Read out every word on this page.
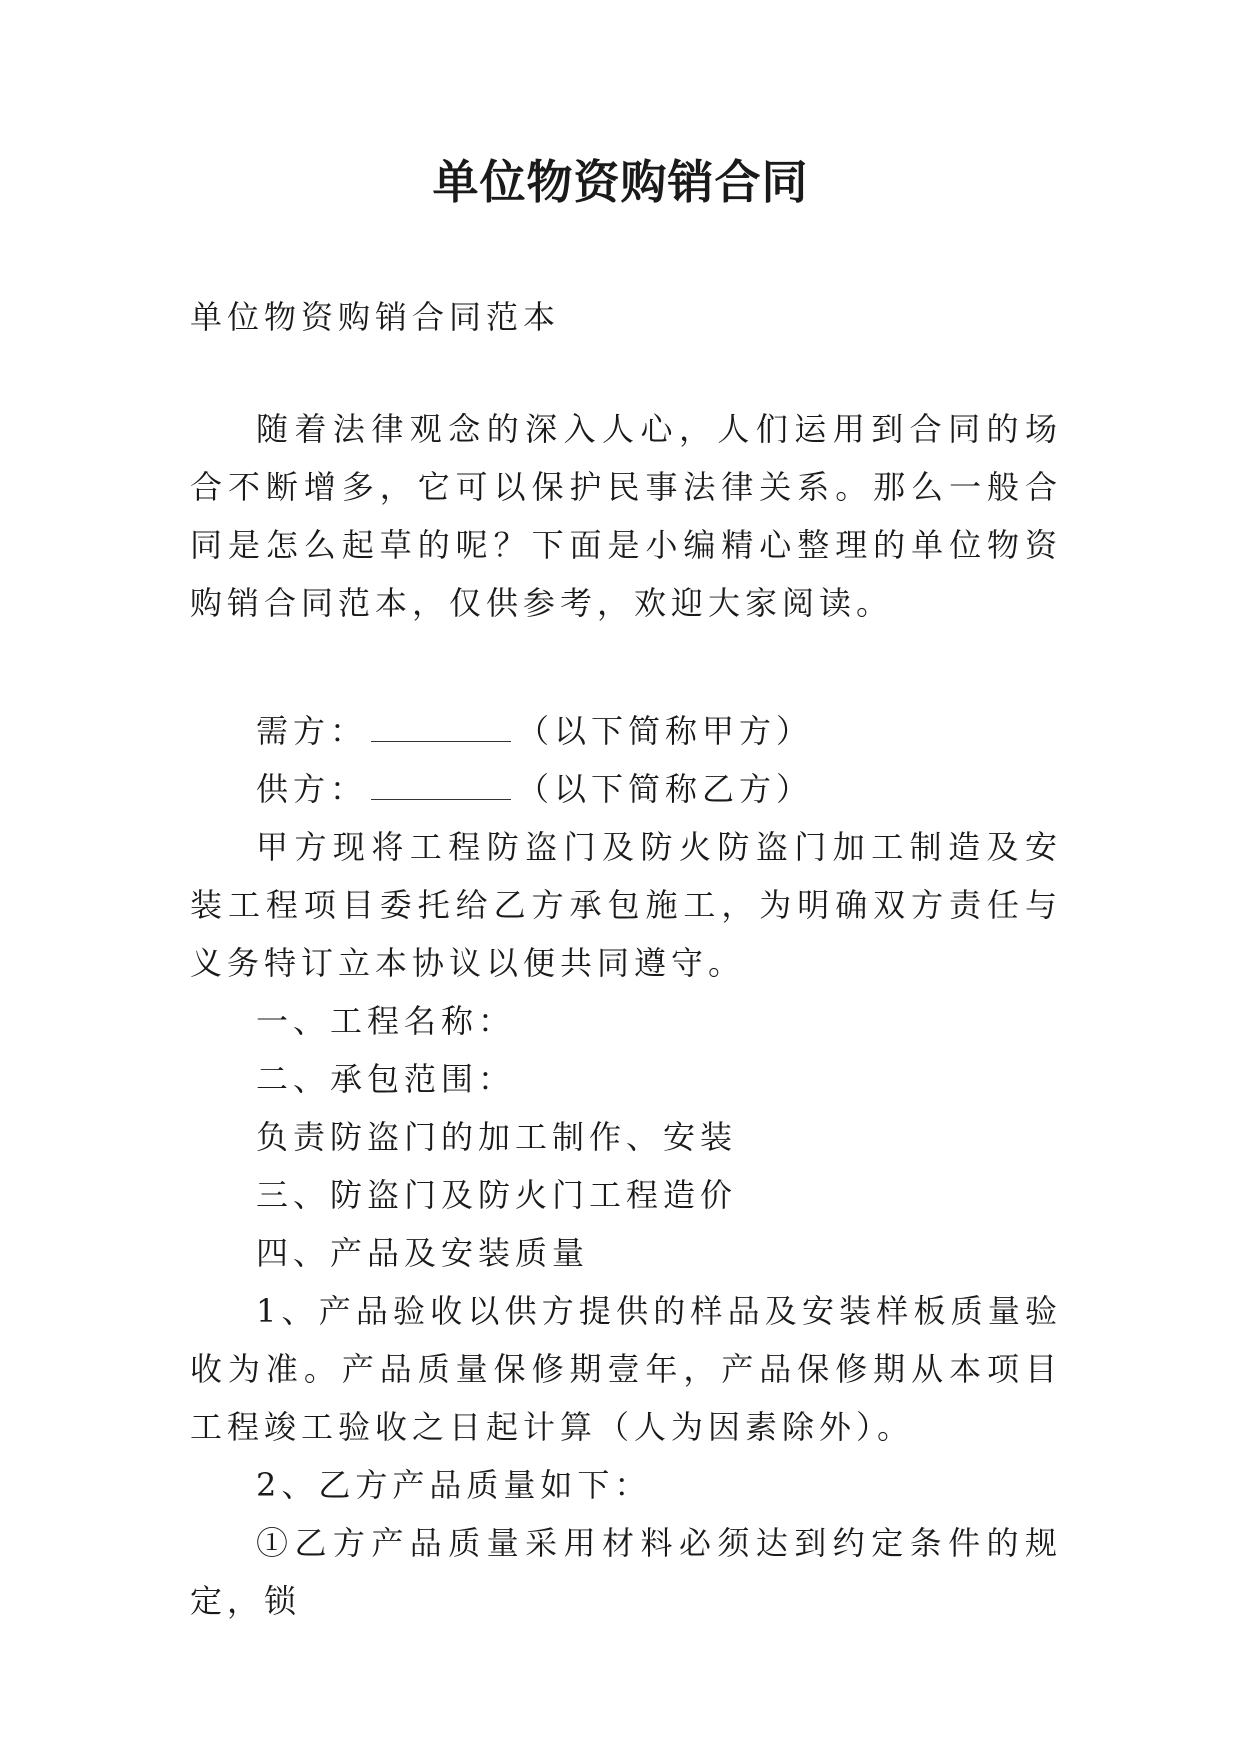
单位物资购销合同

单位物资购销合同范本

随着法律观念的深入人心，人们运用到合同的场合不断增多，它可以保护民事法律关系。那么一般合同是怎么起草的呢？下面是小编精心整理的单位物资购销合同范本，仅供参考，欢迎大家阅读。

需方：	（以下简称甲方）

供方：	（以下简称乙方）

甲方现将工程防盗门及防火防盗门加工制造及安装工程项目委托给乙方承包施工，为明确双方责任与义务特订立本协议以便共同遵守。

一、工程名称：

二、承包范围：

负责防盗门的加工制作、安装

三、防盗门及防火门工程造价

四、产品及安装质量

1、产品验收以供方提供的样品及安装样板质量验收为准。产品质量保修期壹年，产品保修期从本项目工程竣工验收之日起计算（人为因素除外）。

2、乙方产品质量如下：

①乙方产品质量采用材料必须达到约定条件的规定，锁
